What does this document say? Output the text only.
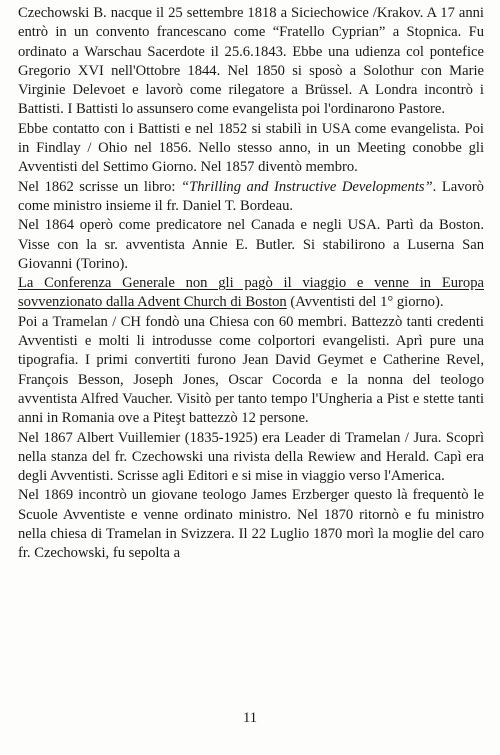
Czechowski B. nacque il 25 settembre 1818 a Siciechowice /Krakov. A 17 anni entrò in un convento francescano come “Fratello Cyprian” a Stopnica. Fu ordinato a Warschau Sacerdote il 25.6.1843. Ebbe una udienza col pontefice Gregorio XVI nell'Ottobre 1844. Nel 1850 si sposò a Solothur con Marie Virginie Delevoet e lavorò come rilegatore a Brüssel. A Londra incontrò i Battisti. I Battisti lo assunsero come evangelista poi l'ordinarono Pastore.

Ebbe contatto con i Battisti e nel 1852 si stabilì in USA come evangelista. Poi in Findlay / Ohio nel 1856. Nello stesso anno, in un Meeting conobbe gli Avventisti del Settimo Giorno. Nel 1857 diventò membro.

Nel 1862 scrisse un libro: “Thrilling and Instructive Developments”. Lavorò come ministro insieme il fr. Daniel T. Bordeau.

Nel 1864 operò come predicatore nel Canada e negli USA. Partì da Boston. Visse con la sr. avventista Annie E. Butler. Si stabilirono a Luserna San Giovanni (Torino).

La Conferenza Generale non gli pagò il viaggio e venne in Europa sovvenzionato dalla Advent Church di Boston (Avventisti del 1° giorno).

Poi a Tramelan / CH fondò una Chiesa con 60 membri. Battezzò tanti credenti Avventisti e molti li introdusse come colportori evangelisti. Aprì pure una tipografia. I primi convertiti furono Jean David Geymet e Catherine Revel, François Besson, Joseph Jones, Oscar Cocorda e la nonna del teologo avventista Alfred Vaucher. Visitò per tanto tempo l'Ungheria a Pist e stette tanti anni in Romania ove a Piteşt battezzò 12 persone.

Nel 1867 Albert Vuillemier (1835-1925) era Leader di Tramelan / Jura. Scoprì nella stanza del fr. Czechowski una rivista della Rewiew and Herald. Capì era degli Avventisti. Scrisse agli Editori e si mise in viaggio verso l'America.

Nel 1869 incontrò un giovane teologo James Erzberger questo là frequentò le Scuole Avventiste e venne ordinato ministro. Nel 1870 ritornò e fu ministro nella chiesa di Tramelan in Svizzera. Il 22 Luglio 1870 morì la moglie del caro fr. Czechowski, fu sepolta a

11
